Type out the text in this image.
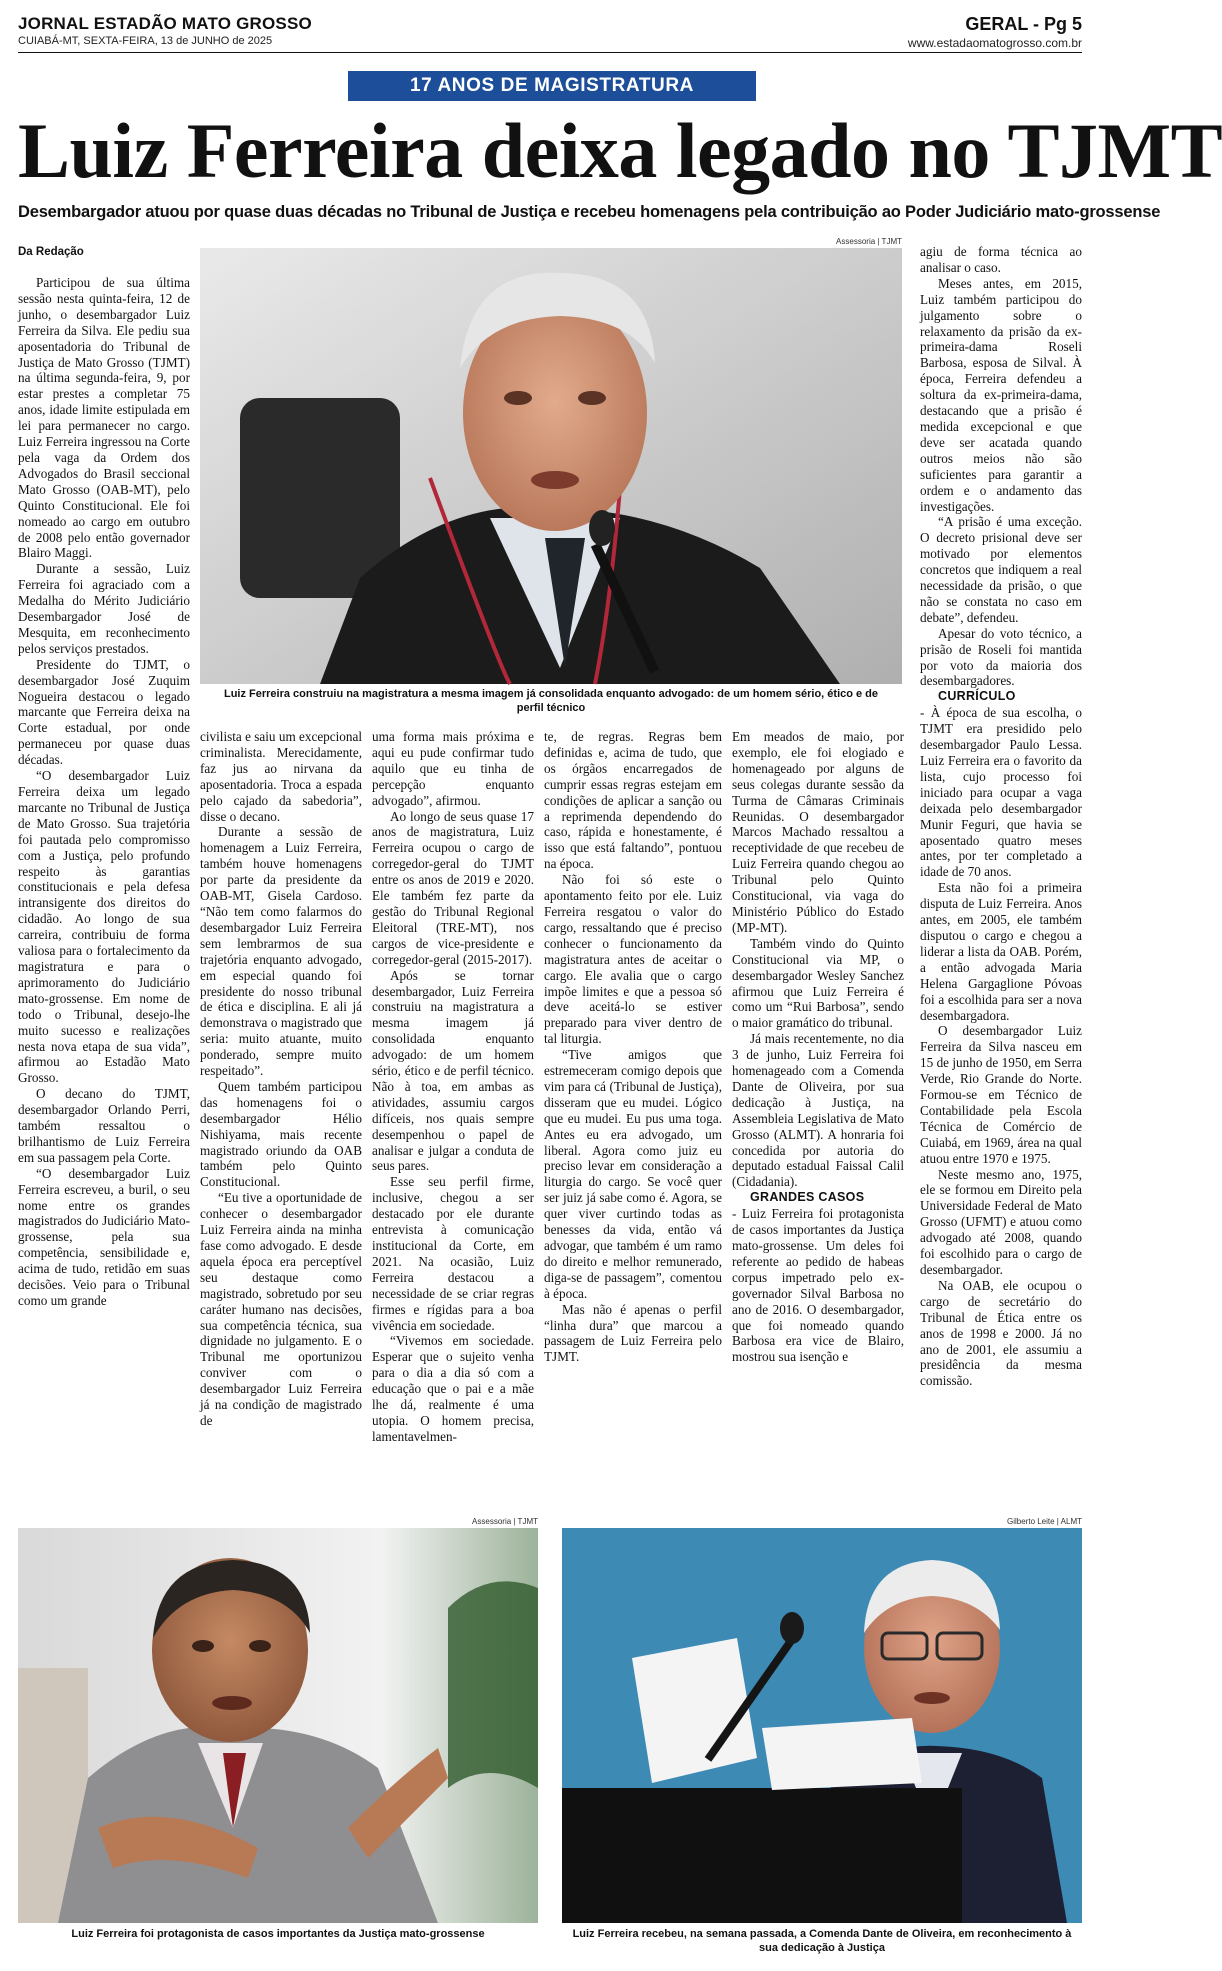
JORNAL ESTADÃO MATO GROSSO
CUIABÁ-MT, SEXTA-FEIRA, 13 de JUNHO de 2025
GERAL - Pg 5
www.estadaomatogrosso.com.br
17 ANOS DE MAGISTRATURA
Luiz Ferreira deixa legado no TJMT
Desembargador atuou por quase duas décadas no Tribunal de Justiça e recebeu homenagens pela contribuição ao Poder Judiciário mato-grossense
Da Redação
Assessoria | TJMT
Luiz Ferreira construiu na magistratura a mesma imagem já consolidada enquanto advogado: de um homem sério, ético e de perfil técnico

Participou de sua última sessão nesta quinta-feira, 12 de junho, o desembargador Luiz Ferreira da Silva. Ele pediu sua aposentadoria do Tribunal de Justiça de Mato Grosso (TJMT) na última segunda-feira, 9, por estar prestes a completar 75 anos, idade limite estipulada em lei para permanecer no cargo. Luiz Ferreira ingressou na Corte pela vaga da Ordem dos Advogados do Brasil seccional Mato Grosso (OAB-MT), pelo Quinto Constitucional. Ele foi nomeado ao cargo em outubro de 2008 pelo então governador Blairo Maggi.

Durante a sessão, Luiz Ferreira foi agraciado com a Medalha do Mérito Judiciário Desembargador José de Mesquita, em reconhecimento pelos serviços prestados.

Presidente do TJMT, o desembargador José Zuquim Nogueira destacou o legado marcante que Ferreira deixa na Corte estadual, por onde permaneceu por quase duas décadas.

“O desembargador Luiz Ferreira deixa um legado marcante no Tribunal de Justiça de Mato Grosso. Sua trajetória foi pautada pelo compromisso com a Justiça, pelo profundo respeito às garantias constitucionais e pela defesa intransigente dos direitos do cidadão. Ao longo de sua carreira, contribuiu de forma valiosa para o fortalecimento da magistratura e para o aprimoramento do Judiciário mato-grossense. Em nome de todo o Tribunal, desejo-lhe muito sucesso e realizações nesta nova etapa de sua vida”, afirmou ao Estadão Mato Grosso.

O decano do TJMT, desembargador Orlando Perri, também ressaltou o brilhantismo de Luiz Ferreira em sua passagem pela Corte.

“O desembargador Luiz Ferreira escreveu, a buril, o seu nome entre os grandes magistrados do Judiciário Mato-grossense, pela sua competência, sensibilidade e, acima de tudo, retidão em suas decisões. Veio para o Tribunal como um grande

civilista e saiu um excepcional criminalista. Merecidamente, faz jus ao nirvana da aposentadoria. Troca a espada pelo cajado da sabedoria”, disse o decano.

Durante a sessão de homenagem a Luiz Ferreira, também houve homenagens por parte da presidente da OAB-MT, Gisela Cardoso. “Não tem como falarmos do desembargador Luiz Ferreira sem lembrarmos de sua trajetória enquanto advogado, em especial quando foi presidente do nosso tribunal de ética e disciplina. E ali já demonstrava o magistrado que seria: muito atuante, muito ponderado, sempre muito respeitado”.

Quem também participou das homenagens foi o desembargador Hélio Nishiyama, mais recente magistrado oriundo da OAB também pelo Quinto Constitucional.

“Eu tive a oportunidade de conhecer o desembargador Luiz Ferreira ainda na minha fase como advogado. E desde aquela época era perceptível seu destaque como magistrado, sobretudo por seu caráter humano nas decisões, sua competência técnica, sua dignidade no julgamento. E o Tribunal me oportunizou conviver com o desembargador Luiz Ferreira já na condição de magistrado de

uma forma mais próxima e aqui eu pude confirmar tudo aquilo que eu tinha de percepção enquanto advogado”, afirmou.

Ao longo de seus quase 17 anos de magistratura, Luiz Ferreira ocupou o cargo de corregedor-geral do TJMT entre os anos de 2019 e 2020. Ele também fez parte da gestão do Tribunal Regional Eleitoral (TRE-MT), nos cargos de vice-presidente e corregedor-geral (2015-2017).

Após se tornar desembargador, Luiz Ferreira construiu na magistratura a mesma imagem já consolidada enquanto advogado: de um homem sério, ético e de perfil técnico. Não à toa, em ambas as atividades, assumiu cargos difíceis, nos quais sempre desempenhou o papel de analisar e julgar a conduta de seus pares.

Esse seu perfil firme, inclusive, chegou a ser destacado por ele durante entrevista à comunicação institucional da Corte, em 2021. Na ocasião, Luiz Ferreira destacou a necessidade de se criar regras firmes e rígidas para a boa vivência em sociedade.

“Vivemos em sociedade. Esperar que o sujeito venha para o dia a dia só com a educação que o pai e a mãe lhe dá, realmente é uma utopia. O homem precisa, lamentavelmen-

te, de regras. Regras bem definidas e, acima de tudo, que os órgãos encarregados de cumprir essas regras estejam em condições de aplicar a sanção ou a reprimenda dependendo do caso, rápida e honestamente, é isso que está faltando”, pontuou na época.

Não foi só este o apontamento feito por ele. Luiz Ferreira resgatou o valor do cargo, ressaltando que é preciso conhecer o funcionamento da magistratura antes de aceitar o cargo. Ele avalia que o cargo impõe limites e que a pessoa só deve aceitá-lo se estiver preparado para viver dentro de tal liturgia.

“Tive amigos que estremeceram comigo depois que vim para cá (Tribunal de Justiça), disseram que eu mudei. Lógico que eu mudei. Eu pus uma toga. Antes eu era advogado, um liberal. Agora como juiz eu preciso levar em consideração a liturgia do cargo. Se você quer ser juiz já sabe como é. Agora, se quer viver curtindo todas as benesses da vida, então vá advogar, que também é um ramo do direito e melhor remunerado, diga-se de passagem”, comentou à época.

Mas não é apenas o perfil “linha dura” que marcou a passagem de Luiz Ferreira pelo TJMT.

Em meados de maio, por exemplo, ele foi elogiado e homenageado por alguns de seus colegas durante sessão da Turma de Câmaras Criminais Reunidas. O desembargador Marcos Machado ressaltou a receptividade de que recebeu de Luiz Ferreira quando chegou ao Tribunal pelo Quinto Constitucional, via vaga do Ministério Público do Estado (MP-MT).

Também vindo do Quinto Constitucional via MP, o desembargador Wesley Sanchez afirmou que Luiz Ferreira é como um “Rui Barbosa”, sendo o maior gramático do tribunal.

Já mais recentemente, no dia 3 de junho, Luiz Ferreira foi homenageado com a Comenda Dante de Oliveira, por sua dedicação à Justiça, na Assembleia Legislativa de Mato Grosso (ALMT). A honraria foi concedida por autoria do deputado estadual Faissal Calil (Cidadania).

GRANDES CASOS

- Luiz Ferreira foi protagonista de casos importantes da Justiça mato-grossense. Um deles foi referente ao pedido de habeas corpus impetrado pelo ex-governador Silval Barbosa no ano de 2016. O desembargador, que foi nomeado quando Barbosa era vice de Blairo, mostrou sua isenção e

agiu de forma técnica ao analisar o caso.

Meses antes, em 2015, Luiz também participou do julgamento sobre o relaxamento da prisão da ex-primeira-dama Roseli Barbosa, esposa de Silval. À época, Ferreira defendeu a soltura da ex-primeira-dama, destacando que a prisão é medida excepcional e que deve ser acatada quando outros meios não são suficientes para garantir a ordem e o andamento das investigações.

“A prisão é uma exceção. O decreto prisional deve ser motivado por elementos concretos que indiquem a real necessidade da prisão, o que não se constata no caso em debate”, defendeu.

Apesar do voto técnico, a prisão de Roseli foi mantida por voto da maioria dos desembargadores.

CURRÍCULO

- À época de sua escolha, o TJMT era presidido pelo desembargador Paulo Lessa. Luiz Ferreira era o favorito da lista, cujo processo foi iniciado para ocupar a vaga deixada pelo desembargador Munir Feguri, que havia se aposentado quatro meses antes, por ter completado a idade de 70 anos.

Esta não foi a primeira disputa de Luiz Ferreira. Anos antes, em 2005, ele também disputou o cargo e chegou a liderar a lista da OAB. Porém, a então advogada Maria Helena Gargaglione Póvoas foi a escolhida para ser a nova desembargadora.

O desembargador Luiz Ferreira da Silva nasceu em 15 de junho de 1950, em Serra Verde, Rio Grande do Norte. Formou-se em Técnico de Contabilidade pela Escola Técnica de Comércio de Cuiabá, em 1969, área na qual atuou entre 1970 e 1975.

Neste mesmo ano, 1975, ele se formou em Direito pela Universidade Federal de Mato Grosso (UFMT) e atuou como advogado até 2008, quando foi escolhido para o cargo de desembargador.

Na OAB, ele ocupou o cargo de secretário do Tribunal de Ética entre os anos de 1998 e 2000. Já no ano de 2001, ele assumiu a presidência da mesma comissão.

Assessoria | TJMT
Luiz Ferreira foi protagonista de casos importantes da Justiça mato-grossense
Gilberto Leite | ALMT
Luiz Ferreira recebeu, na semana passada, a Comenda Dante de Oliveira, em reconhecimento à sua dedicação à Justiça
